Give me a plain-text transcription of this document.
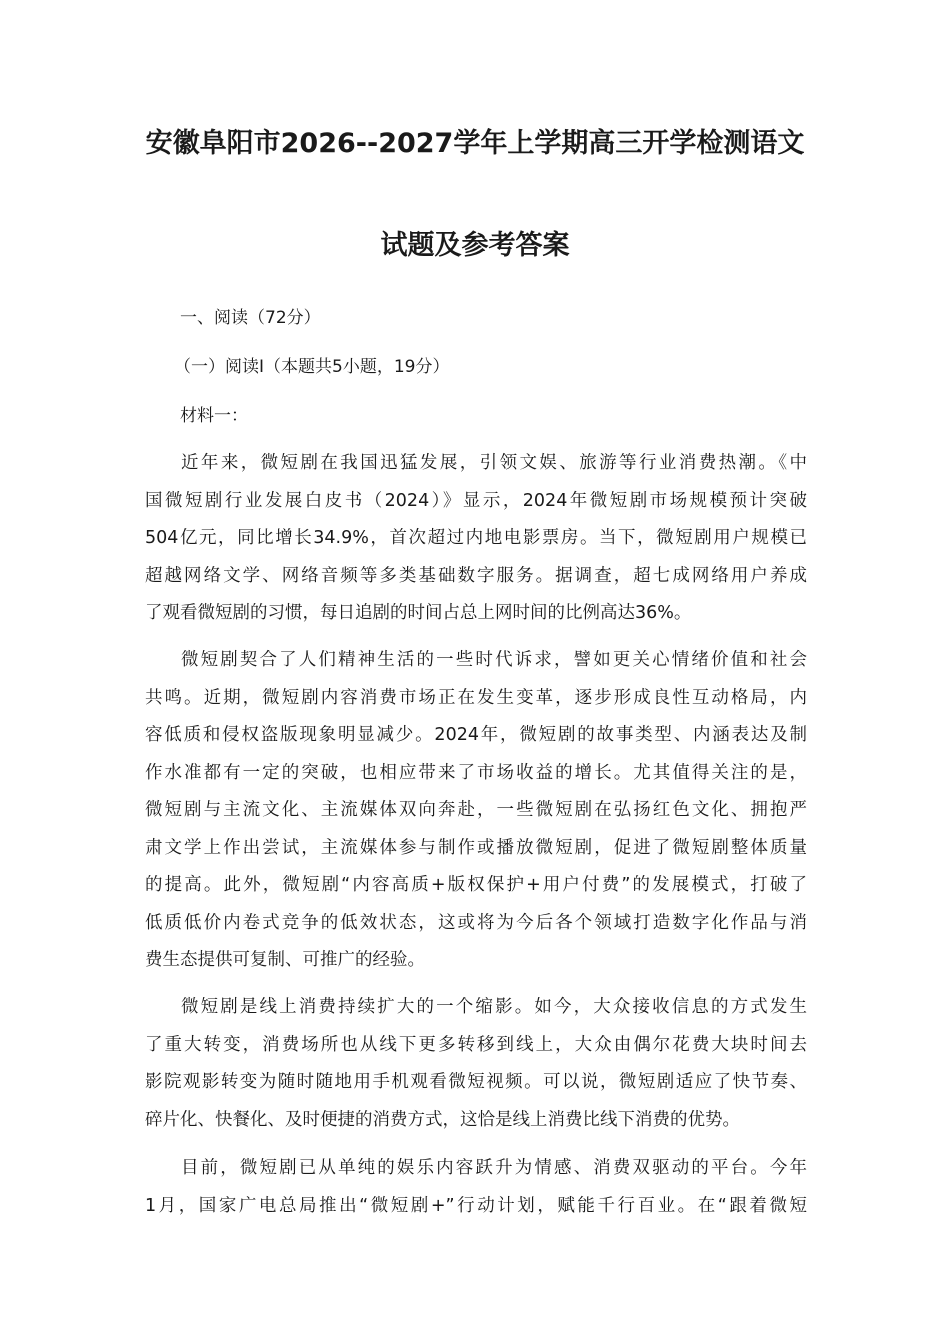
安徽阜阳市2026--2027学年上学期高三开学检测语文
试题及参考答案
一、阅读（72分）
（一）阅读Ⅰ（本题共5小题，19分）
材料一：
近年来，微短剧在我国迅猛发展，引领文娱、旅游等行业消费热潮。《中
国微短剧行业发展白皮书（2024）》显示，2024年微短剧市场规模预计突破
504亿元，同比增长34.9%，首次超过内地电影票房。当下，微短剧用户规模已
超越网络文学、网络音频等多类基础数字服务。据调查，超七成网络用户养成
了观看微短剧的习惯，每日追剧的时间占总上网时间的比例高达36%。
微短剧契合了人们精神生活的一些时代诉求，譬如更关心情绪价值和社会
共鸣。近期，微短剧内容消费市场正在发生变革，逐步形成良性互动格局，内
容低质和侵权盗版现象明显减少。2024年，微短剧的故事类型、内涵表达及制
作水准都有一定的突破，也相应带来了市场收益的增长。尤其值得关注的是，
微短剧与主流文化、主流媒体双向奔赴，一些微短剧在弘扬红色文化、拥抱严
肃文学上作出尝试，主流媒体参与制作或播放微短剧，促进了微短剧整体质量
的提高。此外，微短剧“内容高质+版权保护+用户付费”的发展模式，打破了
低质低价内卷式竞争的低效状态，这或将为今后各个领域打造数字化作品与消
费生态提供可复制、可推广的经验。
微短剧是线上消费持续扩大的一个缩影。如今，大众接收信息的方式发生
了重大转变，消费场所也从线下更多转移到线上，大众由偶尔花费大块时间去
影院观影转变为随时随地用手机观看微短视频。可以说，微短剧适应了快节奏、
碎片化、快餐化、及时便捷的消费方式，这恰是线上消费比线下消费的优势。
目前，微短剧已从单纯的娱乐内容跃升为情感、消费双驱动的平台。今年
1月，国家广电总局推出“微短剧+”行动计划，赋能千行百业。在“跟着微短
